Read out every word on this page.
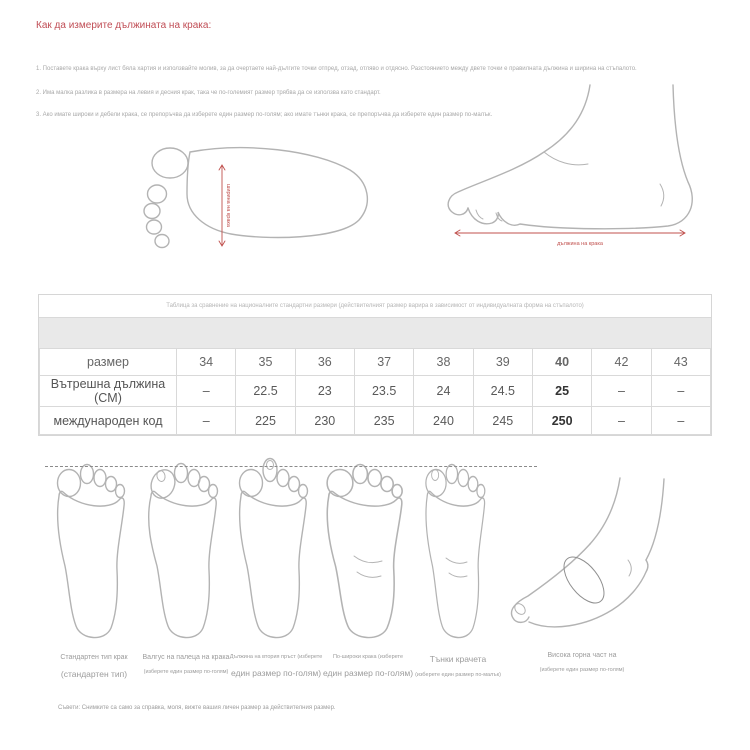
Как да измерите дължината на крака:
1. Поставете крака върху лист бяла хартия и използвайте молив, за да очертаете най-дългите точки отпред, отзад, отляво и отдясно. Разстоянието между двете точки е правилната дължина и ширина на стъпалото.
2. Има малка разлика в размера на левия и десния крак, така че по-големият размер трябва да се използва като стандарт.
3. Ако имате широки и дебели крака, се препоръчва да изберете един размер по-голям; ако имате тънки крака, се препоръчва да изберете един размер по-малък.
ширина на крака
дължина на крака
Таблица за сравнение на националните стандартни размери (действителният размер варира в зависимост от индивидуалната форма на стъпалото)
размер	34	35	36	37	38	39	40	42	43
Вътрешна дължина (CM)	–	22.5	23	23.5	24	24.5	25	–	–
международен код	–	225	230	235	240	245	250	–	–
Стандартен тип крак
(стандартен тип)
Валгус на палеца на крака
(изберете един размер по-голям)
Дължина на втория пръст (изберете
един размер по-голям)
По-широки крака (изберете
един размер по-голям)
Тънки крачета
(изберете един размер по-малък)
Висока горна част на
(изберете един размер по-голям)
Съвети: Снимките са само за справка, моля, вижте вашия личен размер за действителния размер.
